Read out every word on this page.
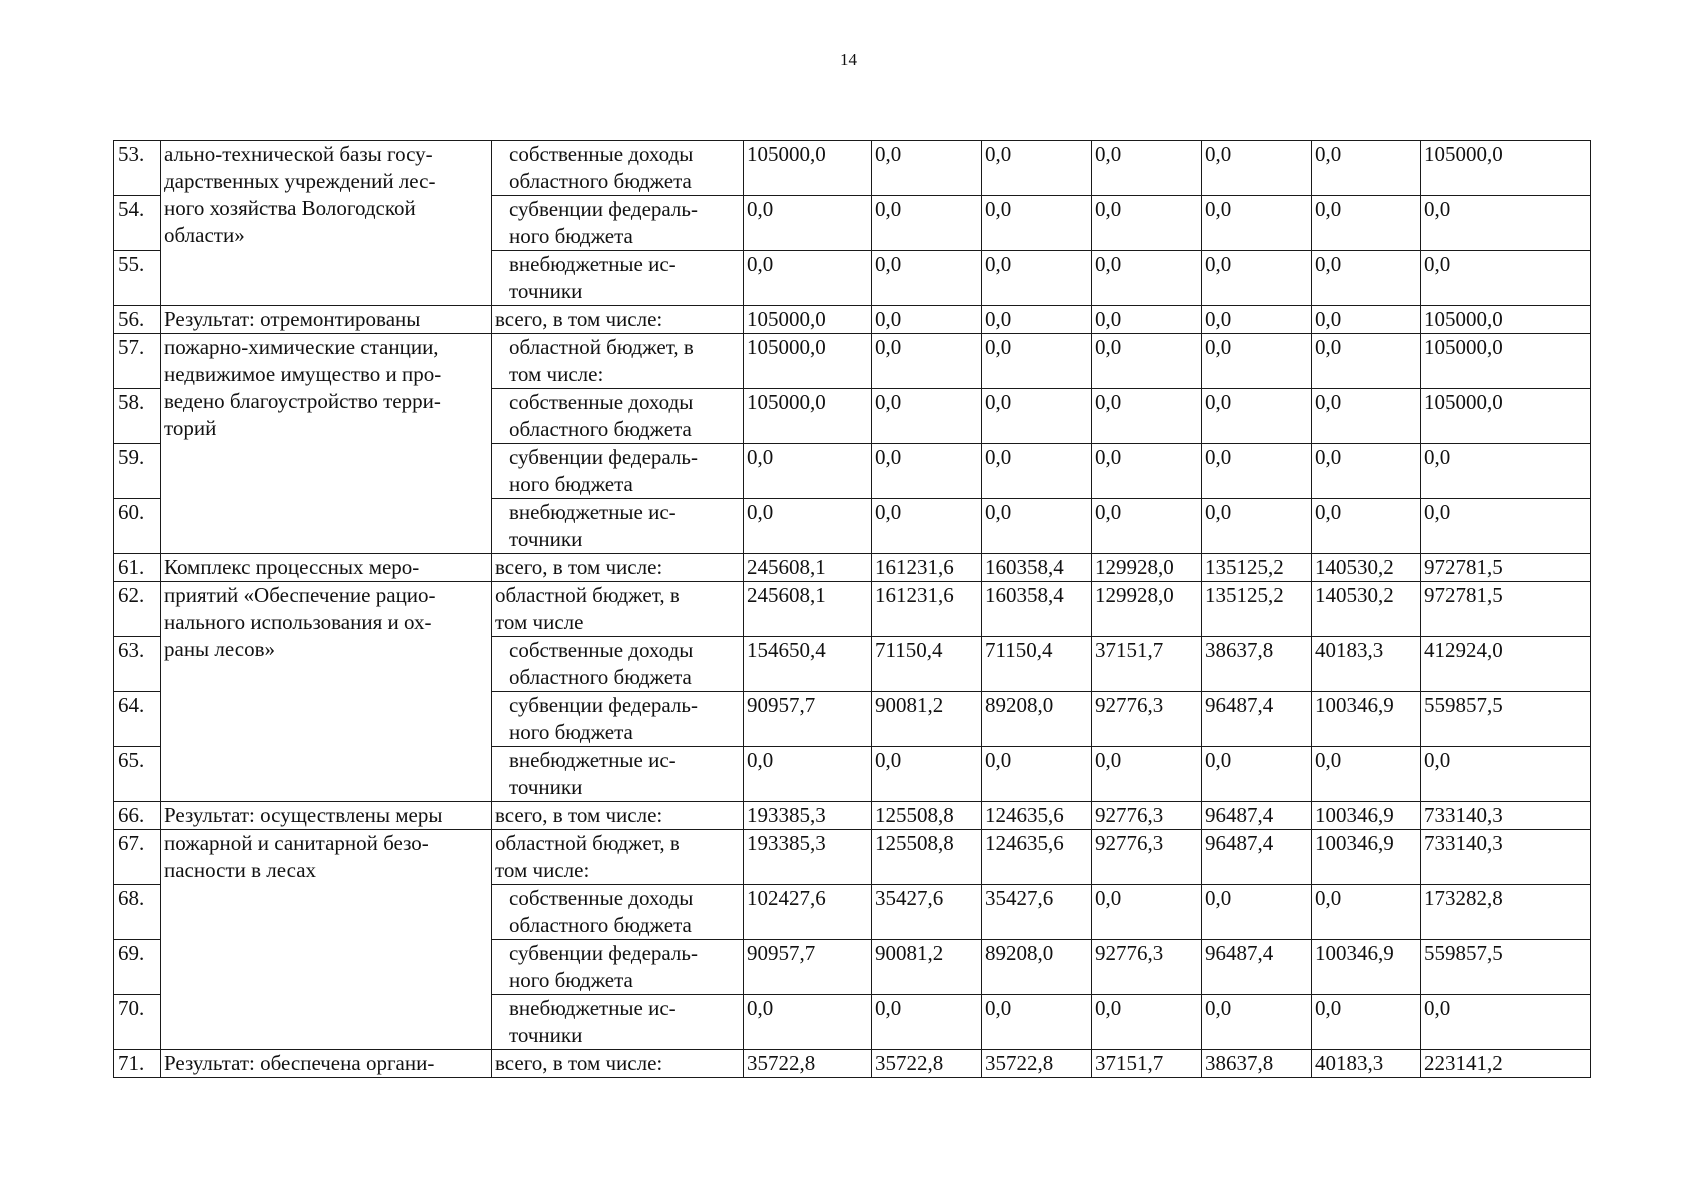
14
53.	ально-технической базы госу-
дарственных учреждений лес-
ного хозяйства Вологодской
области»	собственные доходы
областного бюджета	105000,0	0,0	0,0	0,0	0,0	0,0	105000,0
54.		субвенции федераль-
ного бюджета	0,0	0,0	0,0	0,0	0,0	0,0	0,0
55.		внебюджетные ис-
точники	0,0	0,0	0,0	0,0	0,0	0,0	0,0
56.	Результат: отремонтированы	всего, в том числе:	105000,0	0,0	0,0	0,0	0,0	0,0	105000,0
57.	пожарно-химические станции,
недвижимое имущество и про-
ведено благоустройство терри-
торий	областной бюджет, в
том числе:	105000,0	0,0	0,0	0,0	0,0	0,0	105000,0
58.		собственные доходы
областного бюджета	105000,0	0,0	0,0	0,0	0,0	0,0	105000,0
59.		субвенции федераль-
ного бюджета	0,0	0,0	0,0	0,0	0,0	0,0	0,0
60.		внебюджетные ис-
точники	0,0	0,0	0,0	0,0	0,0	0,0	0,0
61.	Комплекс процессных меро-	всего, в том числе:	245608,1	161231,6	160358,4	129928,0	135125,2	140530,2	972781,5
62.	приятий «Обеспечение рацио-
нального использования и ох-
раны лесов»	областной бюджет, в
том числе	245608,1	161231,6	160358,4	129928,0	135125,2	140530,2	972781,5
63.		собственные доходы
областного бюджета	154650,4	71150,4	71150,4	37151,7	38637,8	40183,3	412924,0
64.		субвенции федераль-
ного бюджета	90957,7	90081,2	89208,0	92776,3	96487,4	100346,9	559857,5
65.		внебюджетные ис-
точники	0,0	0,0	0,0	0,0	0,0	0,0	0,0
66.	Результат: осуществлены меры	всего, в том числе:	193385,3	125508,8	124635,6	92776,3	96487,4	100346,9	733140,3
67.	пожарной и санитарной безо-
пасности в лесах	областной бюджет, в
том числе:	193385,3	125508,8	124635,6	92776,3	96487,4	100346,9	733140,3
68.		собственные доходы
областного бюджета	102427,6	35427,6	35427,6	0,0	0,0	0,0	173282,8
69.		субвенции федераль-
ного бюджета	90957,7	90081,2	89208,0	92776,3	96487,4	100346,9	559857,5
70.		внебюджетные ис-
точники	0,0	0,0	0,0	0,0	0,0	0,0	0,0
71.	Результат: обеспечена органи-	всего, в том числе:	35722,8	35722,8	35722,8	37151,7	38637,8	40183,3	223141,2
